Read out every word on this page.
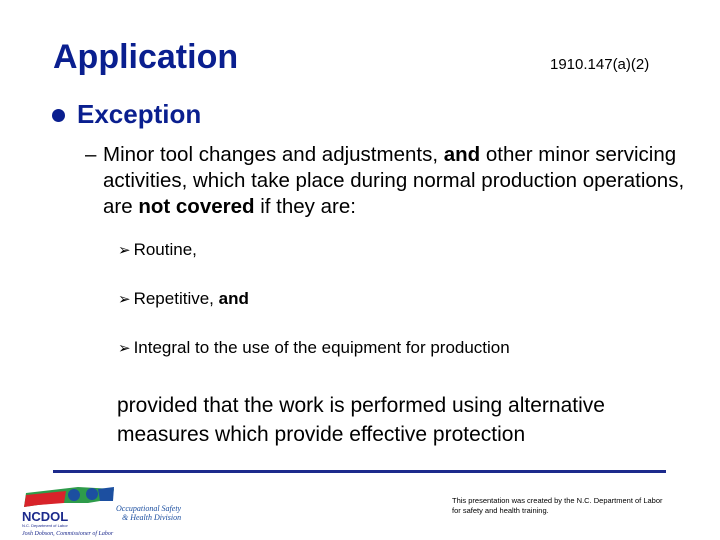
Application	1910.147(a)(2)
Exception
– Minor tool changes and adjustments, and other minor servicing activities, which take place during normal production operations, are not covered if they are:
➢ Routine,
➢ Repetitive, and
➢ Integral to the use of the equipment for production
provided that the work is performed using alternative measures which provide effective protection
NCDOL
N.C. Department of Labor
Occupational Safety
& Health Division
Josh Dobson, Commissioner of Labor
This presentation was created by the N.C. Department of Labor for safety and health training.
